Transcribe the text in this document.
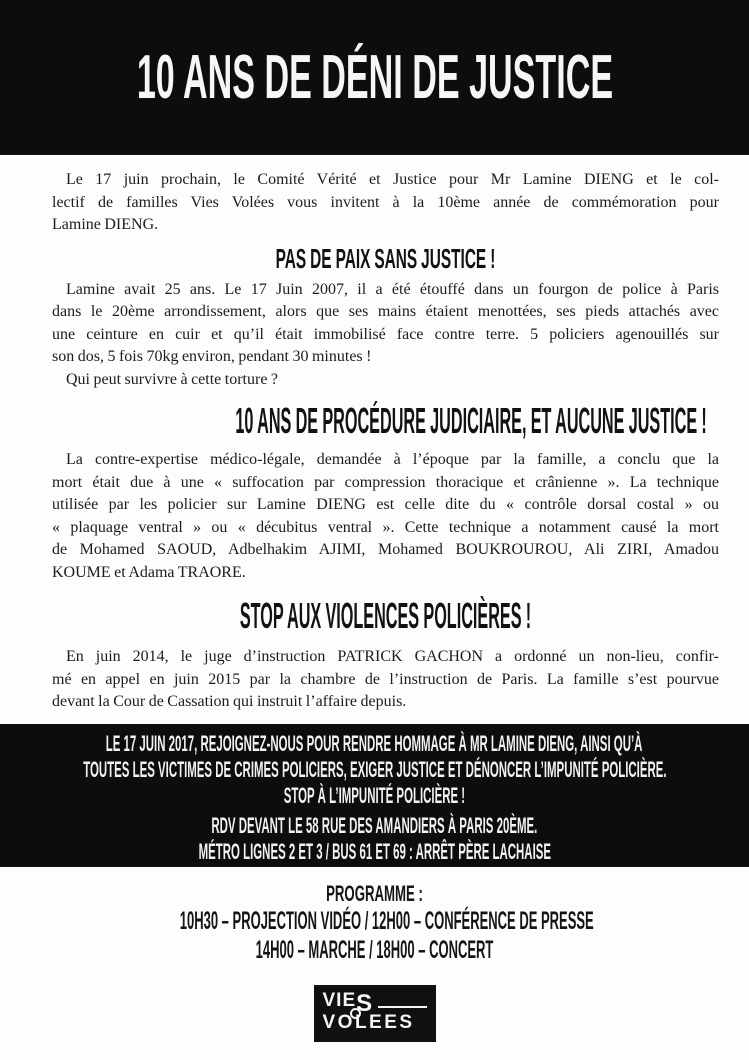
10 ANS DE DÉNI DE JUSTICE

Le 17 juin prochain, le Comité Vérité et Justice pour Mr Lamine DIENG et le col-
lectif de familles Vies Volées vous invitent à la 10ème année de commémoration pour
Lamine DIENG.

PAS DE PAIX SANS JUSTICE !

Lamine avait 25 ans. Le 17 Juin 2007, il a été étouffé dans un fourgon de police à Paris
dans le 20ème arrondissement, alors que ses mains étaient menottées, ses pieds attachés avec
une ceinture en cuir et qu’il était immobilisé face contre terre. 5 policiers agenouillés sur
son dos, 5 fois 70kg environ, pendant 30 minutes !

Qui peut survivre à cette torture ?

10 ANS DE PROCÉDURE JUDICIAIRE, ET AUCUNE JUSTICE !

La contre-expertise médico-légale, demandée à l’époque par la famille, a conclu que la
mort était due à une « suffocation par compression thoracique et crânienne ». La technique
utilisée par les policier sur Lamine DIENG est celle dite du « contrôle dorsal costal » ou
« plaquage ventral » ou « décubitus ventral ». Cette technique a notamment causé la mort
de Mohamed SAOUD, Adbelhakim AJIMI, Mohamed BOUKROUROU, Ali ZIRI, Amadou
KOUME et Adama TRAORE.

STOP AUX VIOLENCES POLICIÈRES !

En juin 2014, le juge d’instruction PATRICK GACHON a ordonné un non-lieu, confir-
mé en appel en juin 2015 par la chambre de l’instruction de Paris. La famille s’est pourvue
devant la Cour de Cassation qui instruit l’affaire depuis.

LE 17 JUIN 2017, REJOIGNEZ-NOUS POUR RENDRE HOMMAGE À MR LAMINE DIENG, AINSI QU’À
TOUTES LES VICTIMES DE CRIMES POLICIERS, EXIGER JUSTICE ET DÉNONCER L’IMPUNITÉ POLICIÈRE.
STOP À L’IMPUNITÉ POLICIÈRE !
RDV DEVANT LE 58 RUE DES AMANDIERS À PARIS 20ÈME.
MÉTRO LIGNES 2 ET 3 / BUS 61 ET 69 : ARRÊT PÈRE LACHAISE
PROGRAMME :
10H30 – PROJECTION VIDÉO / 12H00 – CONFÉRENCE DE PRESSE
14H00 – MARCHE / 18H00 – CONCERT
VIE S
VOLEES
